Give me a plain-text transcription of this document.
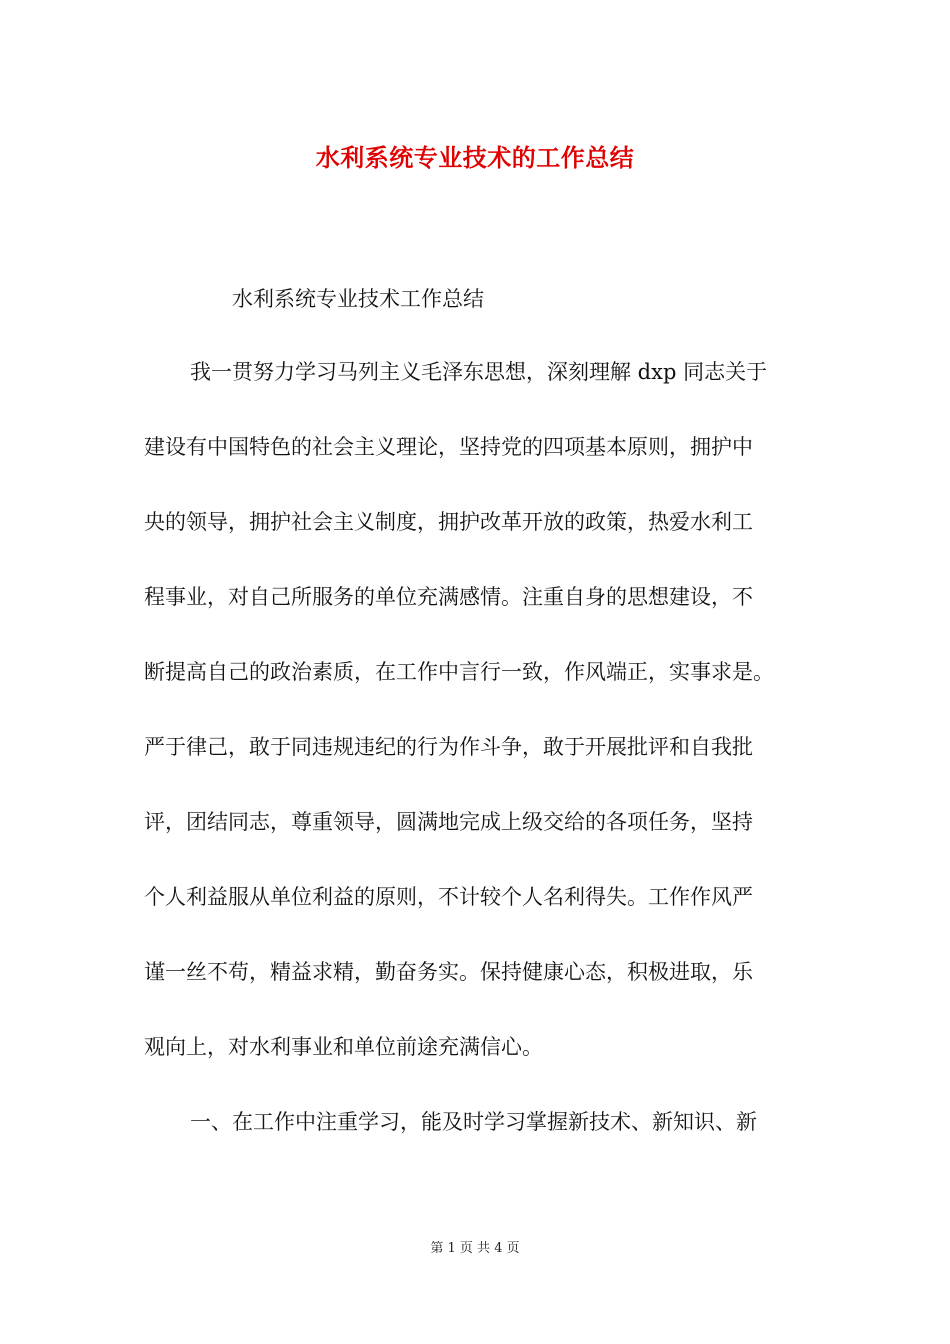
水利系统专业技术的工作总结
水利系统专业技术工作总结
我一贯努力学习马列主义毛泽东思想，深刻理解 dxp 同志关于
建设有中国特色的社会主义理论，坚持党的四项基本原则，拥护中
央的领导，拥护社会主义制度，拥护改革开放的政策，热爱水利工
程事业，对自己所服务的单位充满感情。注重自身的思想建设，不
断提高自己的政治素质，在工作中言行一致，作风端正，实事求是。
严于律己，敢于同违规违纪的行为作斗争，敢于开展批评和自我批
评，团结同志，尊重领导，圆满地完成上级交给的各项任务，坚持
个人利益服从单位利益的原则，不计较个人名利得失。工作作风严
谨一丝不苟，精益求精，勤奋务实。保持健康心态，积极进取，乐
观向上，对水利事业和单位前途充满信心。
一、在工作中注重学习，能及时学习掌握新技术、新知识、新
第 1 页 共 4 页
